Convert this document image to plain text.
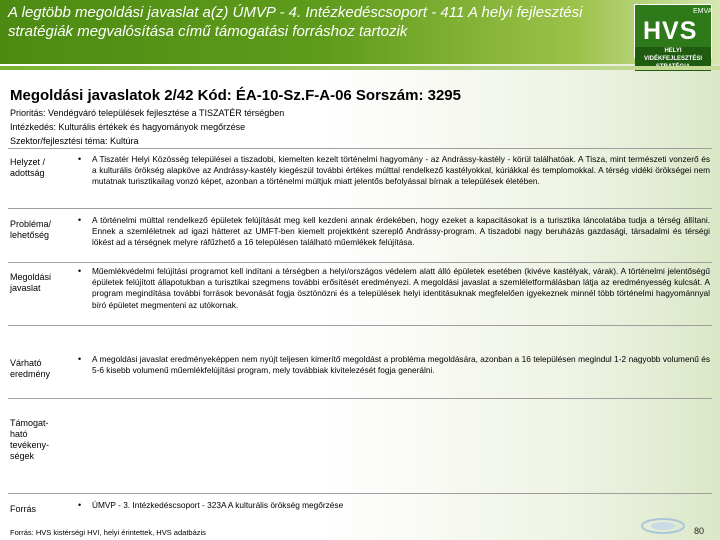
A legtöbb megoldási javaslat a(z) ÚMVP - 4. Intézkedéscsoport - 411 A helyi fejlesztési stratégiák megvalósítása című támogatási forráshoz tartozik
EMVA
HVS
HELYI VIDÉKFEJLESZTÉSI
Megoldási javaslatok 2/42 Kód: ÉA-10-Sz.F-A-06 Sorszám: 3295
Prioritás: Vendégváró települések fejlesztése a TISZATÉR térségben
Intézkedés: Kulturális értékek és hagyományok megőrzése
Szektor/fejlesztési téma: Kultúra
Helyzet / adottság
• A Tiszatér Helyi Közösség települései a tiszadobi, kiemelten kezelt történelmi hagyomány - az Andrássy-kastély - körül találhatóak. A Tisza, mint természeti vonzerő és a kulturális örökség alapköve az Andrássy-kastély kiegészül további értékes múlttal rendelkező kastélyokkal, kúriákkal és templomokkal. A térség vidéki örökségei nem mutatnak turisztikailag vonzó képet, azonban a történelmi múltjuk miatt jelentős befolyással bírnak a települések életében.
Probléma/ lehetőség
• A történelmi múlttal rendelkező épületek felújítását meg kell kezdeni annak érdekében, hogy ezeket a kapacitásokat is a turisztika láncolatába tudja a térség állítani. Ennek a szemléletnek ad igazi hátteret az UMFT-ben kiemelt projektként szereplő Andrássy-program. A tiszadobi nagy beruházás gazdasági, társadalmi és térségi lökést ad a térségnek melyre ráfűzhető a 16 településen található műemlékek felújítása.
Megoldási javaslat
• Műemlékvédelmi felújítási programot kell indítani a térségben a helyi/országos védelem alatt álló épületek esetében (kivéve kastélyak, várak). A történelmi jelentőségű épületek felújított állapotukban a turisztikai szegmens további erősítését eredményezi. A megoldási javaslat a szemléletformálásban látja az eredményesség kulcsát. A program megindítása további források bevonását fogja ösztönözni és a települések helyi identitásuknak megfelelően igyekeznek minnél több történelmi hagyománnyal bíró épületet megmenteni az utókornak.
Várható eredmény
• A megoldási javaslat eredményeképpen nem nyújt teljesen kimerítő megoldást a probléma megoldására, azonban a 16 településen megindul 1-2 nagyobb volumenű és 5-6 kisebb volumenű műemlékfelújítási program, mely továbbiak kivitelezését fogja generálni.
Támogat-ható tevékeny-ségek
Forrás	• ÚMVP - 3. Intézkedéscsoport - 323A A kulturális örökség megőrzése
Forrás: HVS kistérségi HVI, helyi érintettek, HVS adatbázis	80
